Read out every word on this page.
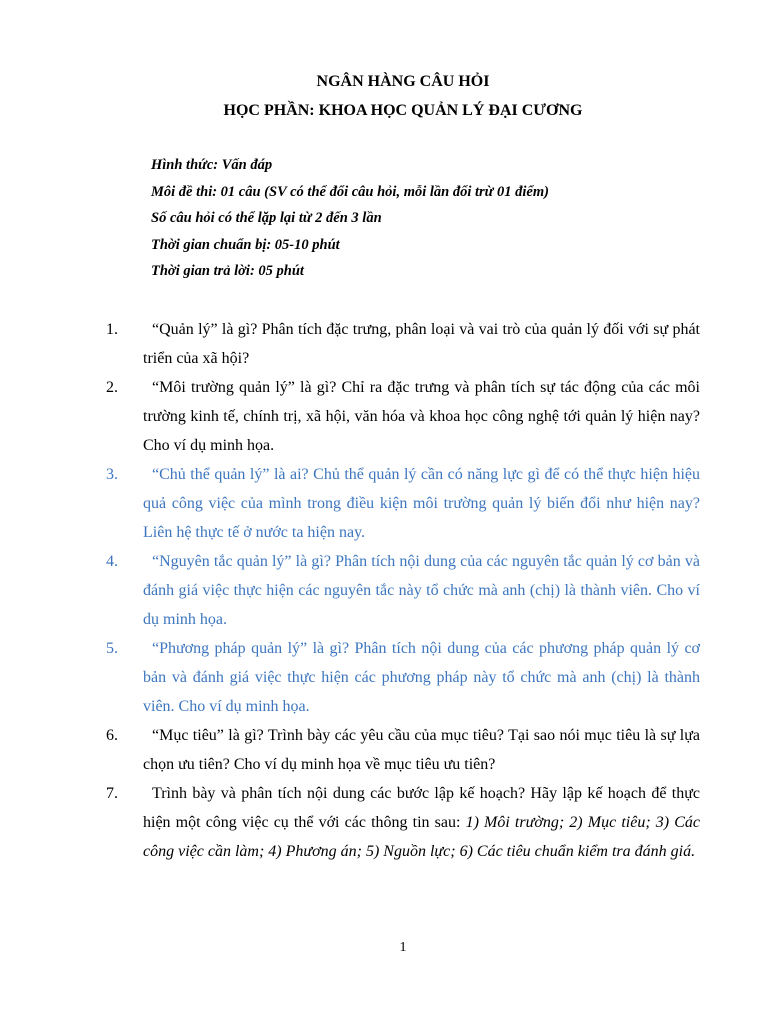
NGÂN HÀNG CÂU HỎI
HỌC PHẦN: KHOA HỌC QUẢN LÝ ĐẠI CƯƠNG
Hình thức: Vấn đáp
Môi đề thi: 01 câu (SV có thể đổi câu hỏi, mỗi lần đổi trừ 01 điểm)
Số câu hỏi có thể lặp lại từ 2 đến 3 lần
Thời gian chuẩn bị: 05-10 phút
Thời gian trả lời: 05 phút
1.	“Quản lý” là gì? Phân tích đặc trưng, phân loại và vai trò của quản lý đối với sự phát triển của xã hội?
2.	“Môi trường quản lý” là gì? Chỉ ra đặc trưng và phân tích sự tác động của các môi trường kinh tế, chính trị, xã hội, văn hóa và khoa học công nghệ tới quản lý hiện nay? Cho ví dụ minh họa.
3.	“Chủ thể quản lý” là ai? Chủ thể quản lý cần có năng lực gì để có thể thực hiện hiệu quả công việc của mình trong điều kiện môi trường quản lý biến đổi như hiện nay? Liên hệ thực tế ở nước ta hiện nay.
4.	“Nguyên tắc quản lý” là gì? Phân tích nội dung của các nguyên tắc quản lý cơ bản và đánh giá việc thực hiện các nguyên tắc này tổ chức mà anh (chị) là thành viên. Cho ví dụ minh họa.
5.	“Phương pháp quản lý” là gì? Phân tích nội dung của các phương pháp quản lý cơ bản và đánh giá việc thực hiện các phương pháp này tổ chức mà anh (chị) là thành viên. Cho ví dụ minh họa.
6.	“Mục tiêu” là gì? Trình bày các yêu cầu của mục tiêu? Tại sao nói mục tiêu là sự lựa chọn ưu tiên? Cho ví dụ minh họa về mục tiêu ưu tiên?
7.	Trình bày và phân tích nội dung các bước lập kế hoạch? Hãy lập kế hoạch để thực hiện một công việc cụ thể với các thông tin sau: 1) Môi trường; 2) Mục tiêu; 3) Các công việc cần làm; 4) Phương án; 5) Nguồn lực; 6) Các tiêu chuẩn kiểm tra đánh giá.
1
